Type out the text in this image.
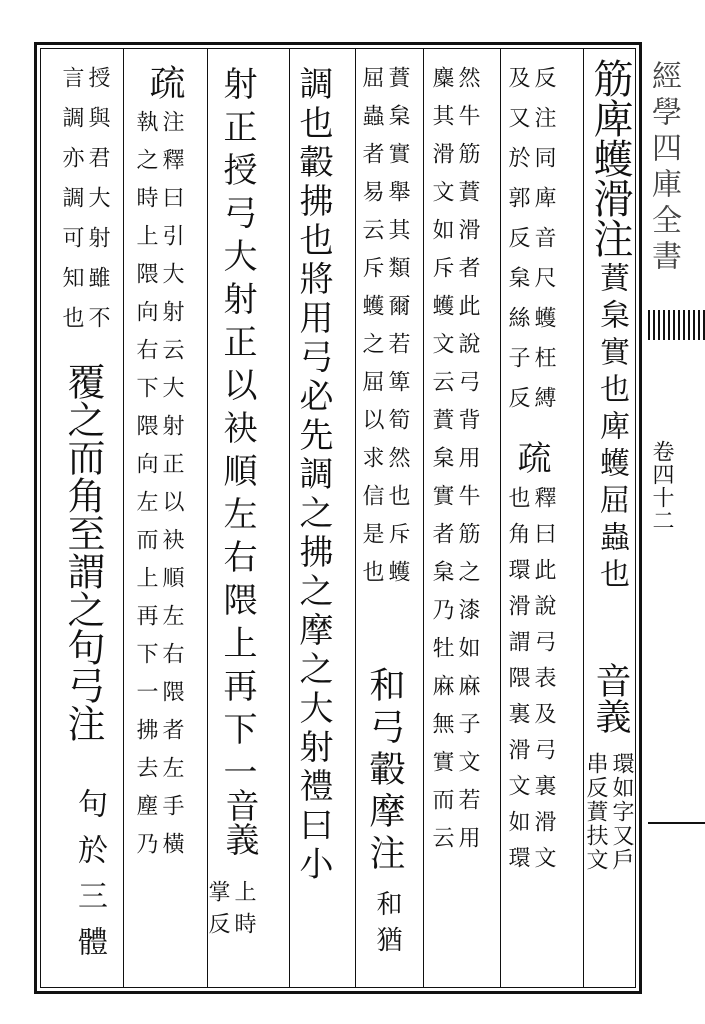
經學四庫全書
卷四十二
筋庳蠖滑注
蕡枲實也庳蠖屈蟲也
音義
環如字又戶
串反蕡扶文
反注同庳音尺蠖枉縛
及又於郭反枲絲子反
疏
釋曰此說弓表及弓裏滑文
也角環滑謂隈裏滑文如環
然牛筋蕡滑者此說弓背用牛筋之漆如麻子文若用
麋其滑文如斥蠖文云蕡枲實者枲乃牡麻無實而云
蕡枲實舉其類爾若箄筍然也斥蠖
屈蟲者易云斥蠖之屈以求信是也
和弓轂摩注
和猶
調也轂拂也將用弓必先調之拂之摩之大射禮曰小
射正授弓大射正以袂順左右隈上再下一
音義
上時
掌反
疏
注釋曰引大射云大射正以袂順左右隈者左手橫
執之時上隈向右下隈向左而上再下一拂去塵乃
授與君大射雖不
言調亦調可知也
覆之而角至謂之句弓注
句於三體
